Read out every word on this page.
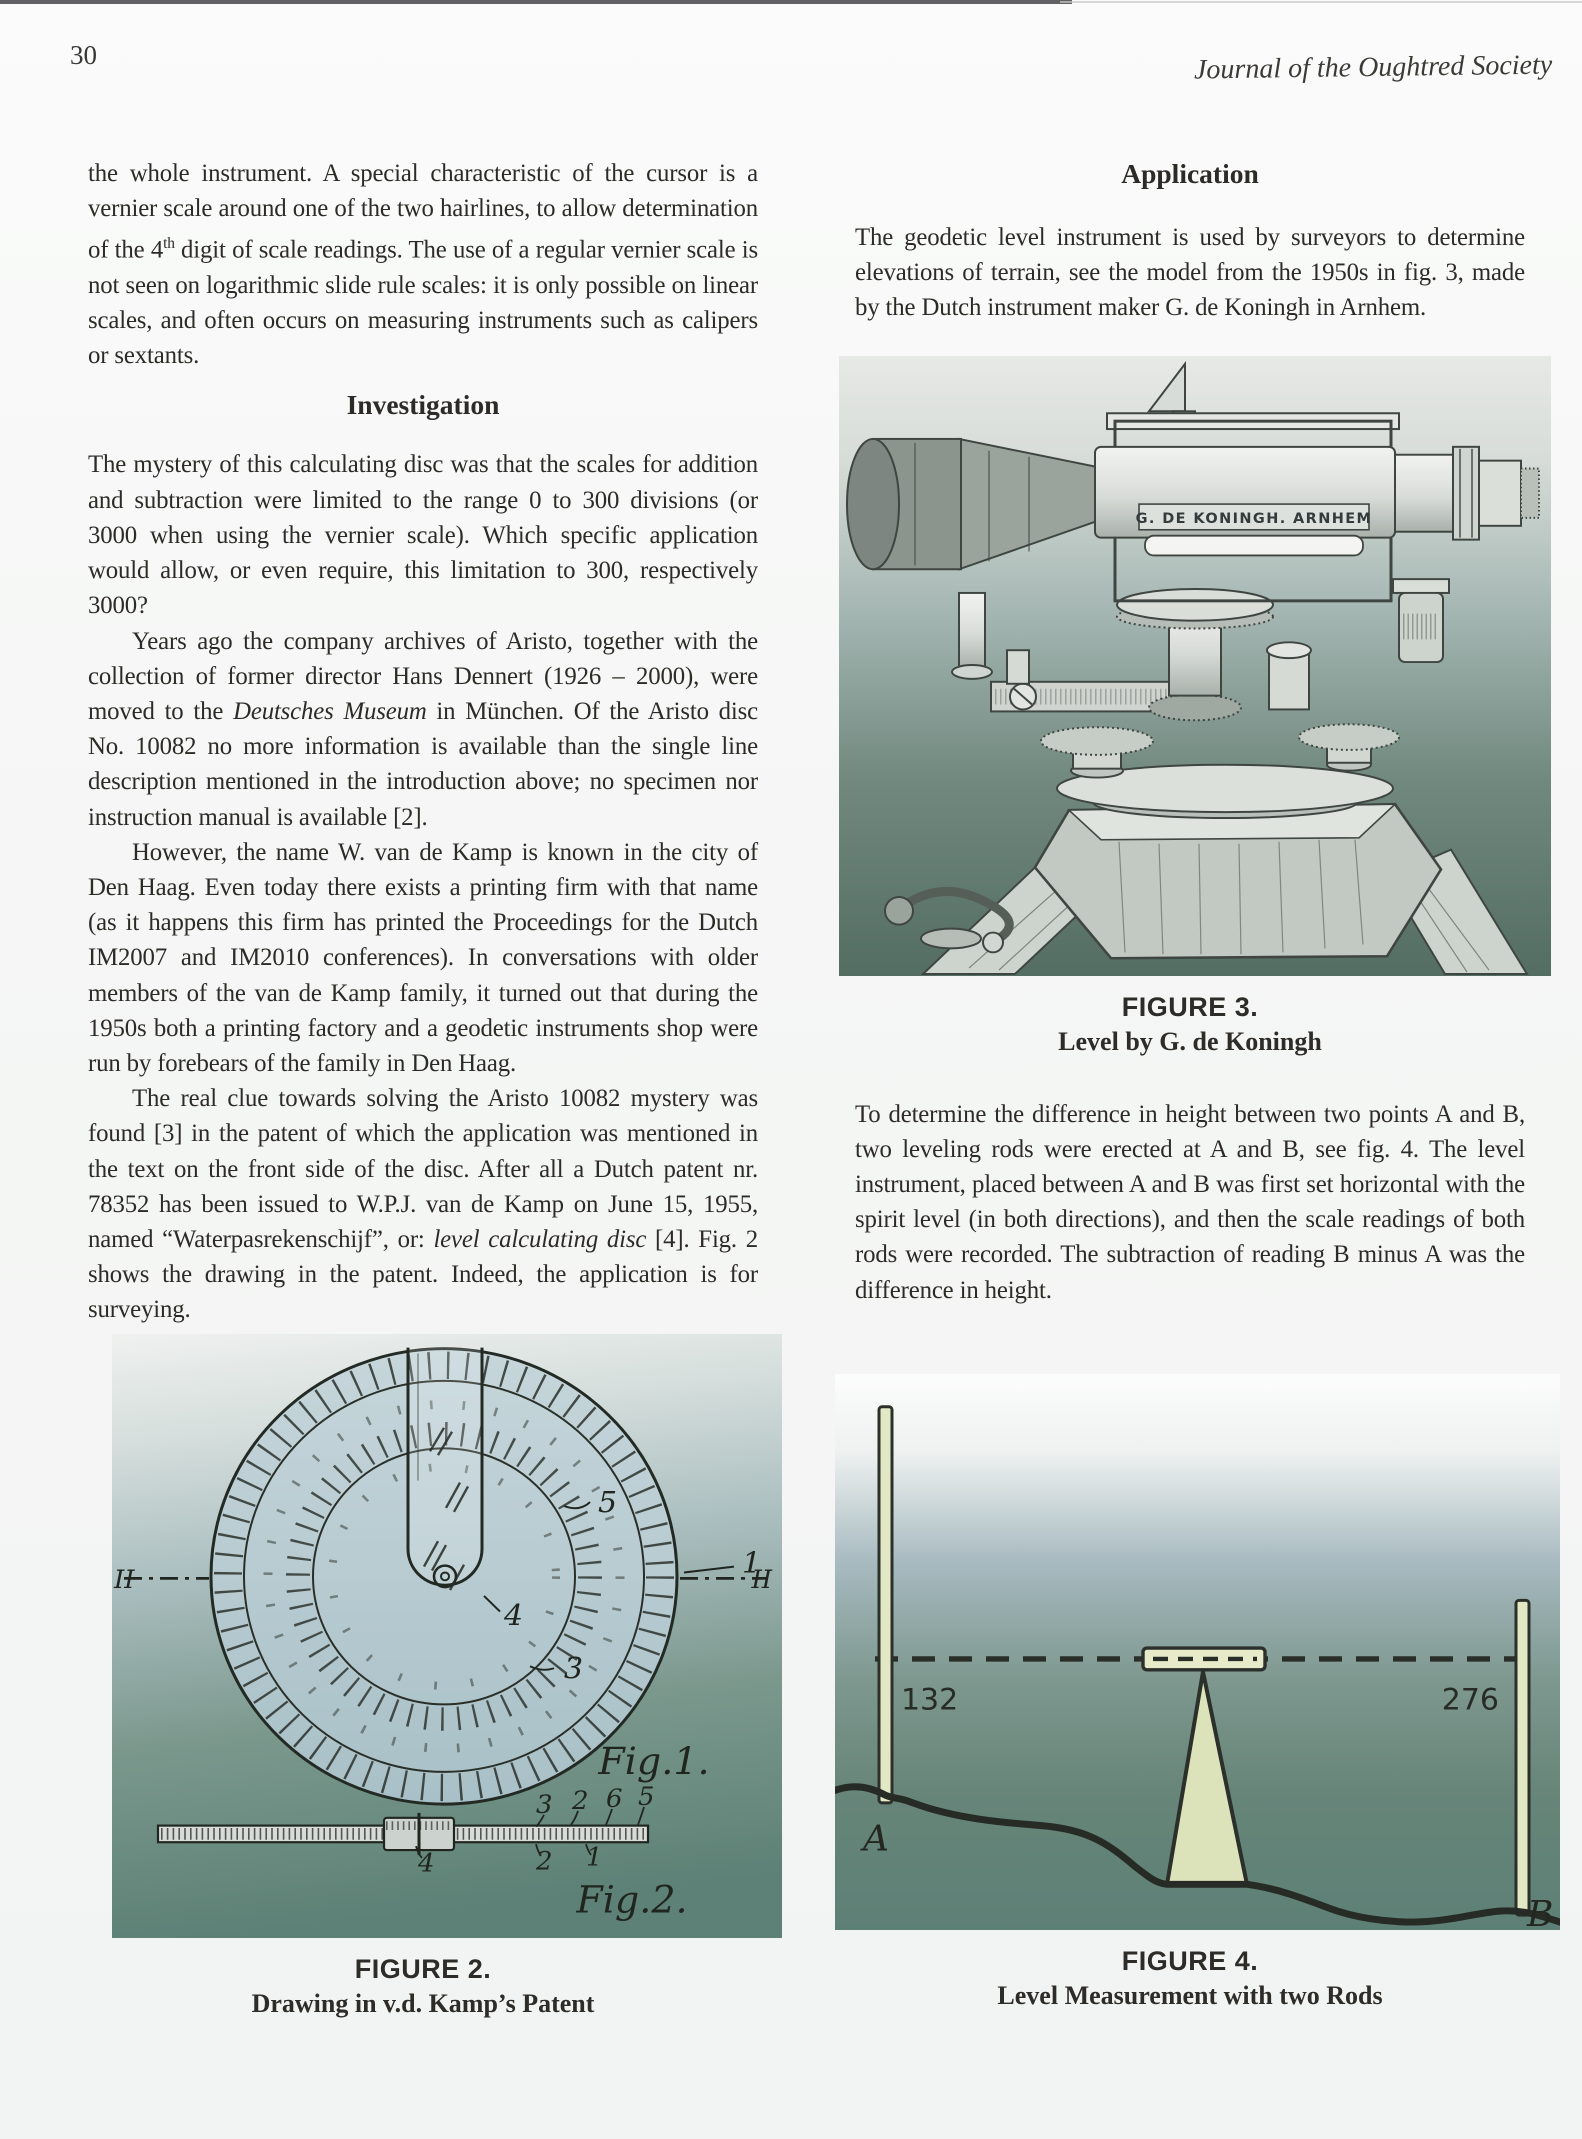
30	Journal of the Oughtred Society

the whole instrument. A special characteristic of the cursor is a vernier scale around one of the two hairlines, to allow determination of the 4th digit of scale readings. The use of a regular vernier scale is not seen on logarithmic slide rule scales: it is only possible on linear scales, and often occurs on measuring instruments such as calipers or sextants.

Investigation

The mystery of this calculating disc was that the scales for addition and subtraction were limited to the range 0 to 300 divisions (or 3000 when using the vernier scale). Which specific application would allow, or even require, this limitation to 300, respectively 3000?

Years ago the company archives of Aristo, together with the collection of former director Hans Dennert (1926 – 2000), were moved to the Deutsches Museum in München. Of the Aristo disc No. 10082 no more information is available than the single line description mentioned in the introduction above; no specimen nor instruction manual is available [2].

However, the name W. van de Kamp is known in the city of Den Haag. Even today there exists a printing firm with that name (as it happens this firm has printed the Proceedings for the Dutch IM2007 and IM2010 conferences). In conversations with older members of the van de Kamp family, it turned out that during the 1950s both a printing factory and a geodetic instruments shop were run by forebears of the family in Den Haag.

The real clue towards solving the Aristo 10082 mystery was found [3] in the patent of which the application was mentioned in the text on the front side of the disc. After all a Dutch patent nr. 78352 has been issued to W.P.J. van de Kamp on June 15, 1955, named “Waterpasrekenschijf”, or: level calculating disc [4]. Fig. 2 shows the drawing in the patent. Indeed, the application is for surveying.

II	II
5
1
3
4
Fig.1.
3 2 6 5
4	2 1
Fig.2.
FIGURE 2.
Drawing in v.d. Kamp’s Patent
Application

The geodetic level instrument is used by surveyors to determine elevations of terrain, see the model from the 1950s in fig. 3, made by the Dutch instrument maker G. de Koningh in Arnhem.

G. DE KONINGH. ARNHEM
FIGURE 3.
Level by G. de Koningh

To determine the difference in height between two points A and B, two leveling rods were erected at A and B, see fig. 4. The level instrument, placed between A and B was first set horizontal with the spirit level (in both directions), and then the scale readings of both rods were recorded. The subtraction of reading B minus A was the difference in height.

132	276
A
B
FIGURE 4.
Level Measurement with two Rods
